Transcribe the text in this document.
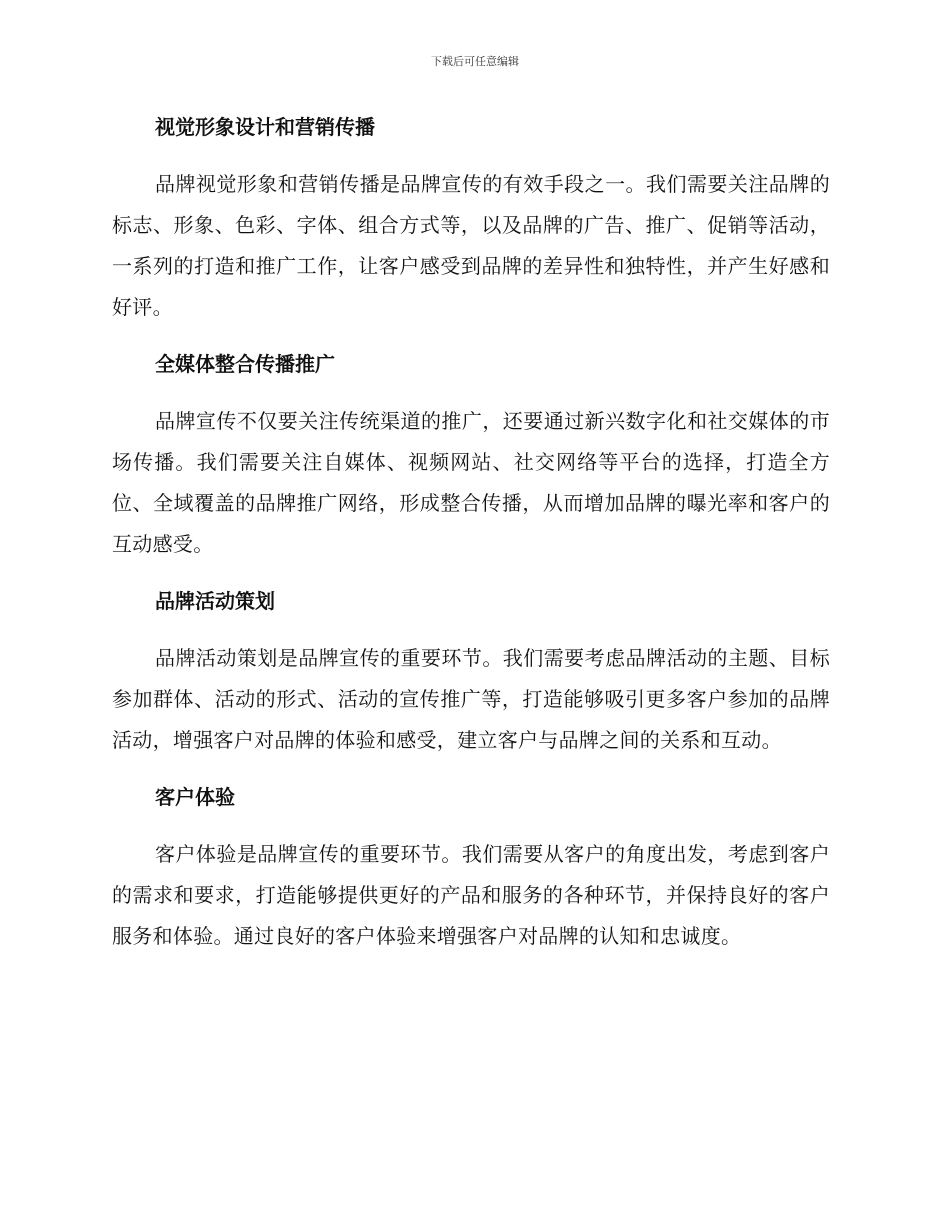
下载后可任意编辑
视觉形象设计和营销传播

品牌视觉形象和营销传播是品牌宣传的有效手段之一。我们需要关注品牌的标志、形象、色彩、字体、组合方式等，以及品牌的广告、推广、促销等活动，一系列的打造和推广工作，让客户感受到品牌的差异性和独特性，并产生好感和好评。

全媒体整合传播推广

品牌宣传不仅要关注传统渠道的推广，还要通过新兴数字化和社交媒体的市场传播。我们需要关注自媒体、视频网站、社交网络等平台的选择，打造全方位、全域覆盖的品牌推广网络，形成整合传播，从而增加品牌的曝光率和客户的互动感受。

品牌活动策划

品牌活动策划是品牌宣传的重要环节。我们需要考虑品牌活动的主题、目标参加群体、活动的形式、活动的宣传推广等，打造能够吸引更多客户参加的品牌活动，增强客户对品牌的体验和感受，建立客户与品牌之间的关系和互动。

客户体验

客户体验是品牌宣传的重要环节。我们需要从客户的角度出发，考虑到客户的需求和要求，打造能够提供更好的产品和服务的各种环节，并保持良好的客户服务和体验。通过良好的客户体验来增强客户对品牌的认知和忠诚度。
